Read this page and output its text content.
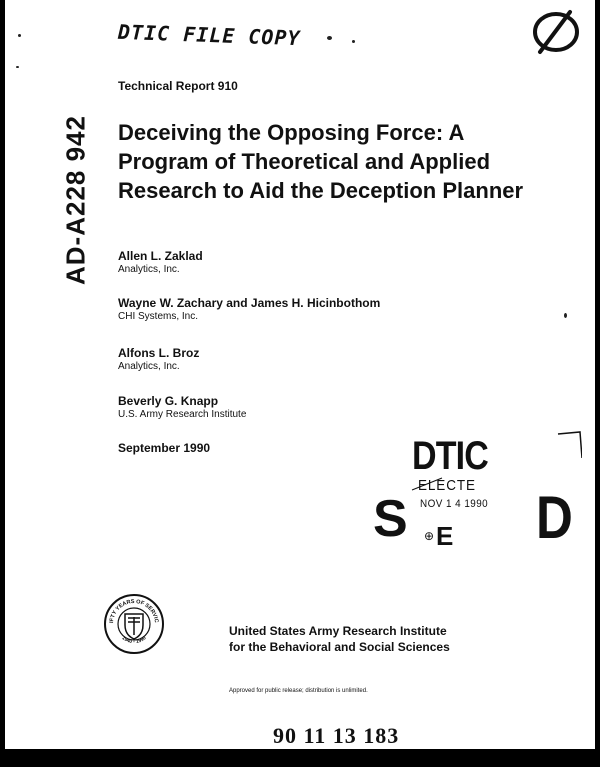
DTIC FILE COPY
Technical Report 910
AD-A228 942 Deceiving the Opposing Force: A
Program of Theoretical and Applied
Research to Aid the Deception Planner
Allen L. Zaklad
Analytics, Inc.
Wayne W. Zachary and James H. Hicinbothom
CHI Systems, Inc.
Alfons L. Broz
Analytics, Inc.
Beverly G. Knapp
U.S. Army Research Institute
September 1990	DTIC
ELECTE
NOV 1 4 1990
S D
⊕ E
IFTY YEARS OF SERVIC
1940 - 1990
United States Army Research Institute
for the Behavioral and Social Sciences
Approved for public release; distribution is unlimited.
90 11 13 183
